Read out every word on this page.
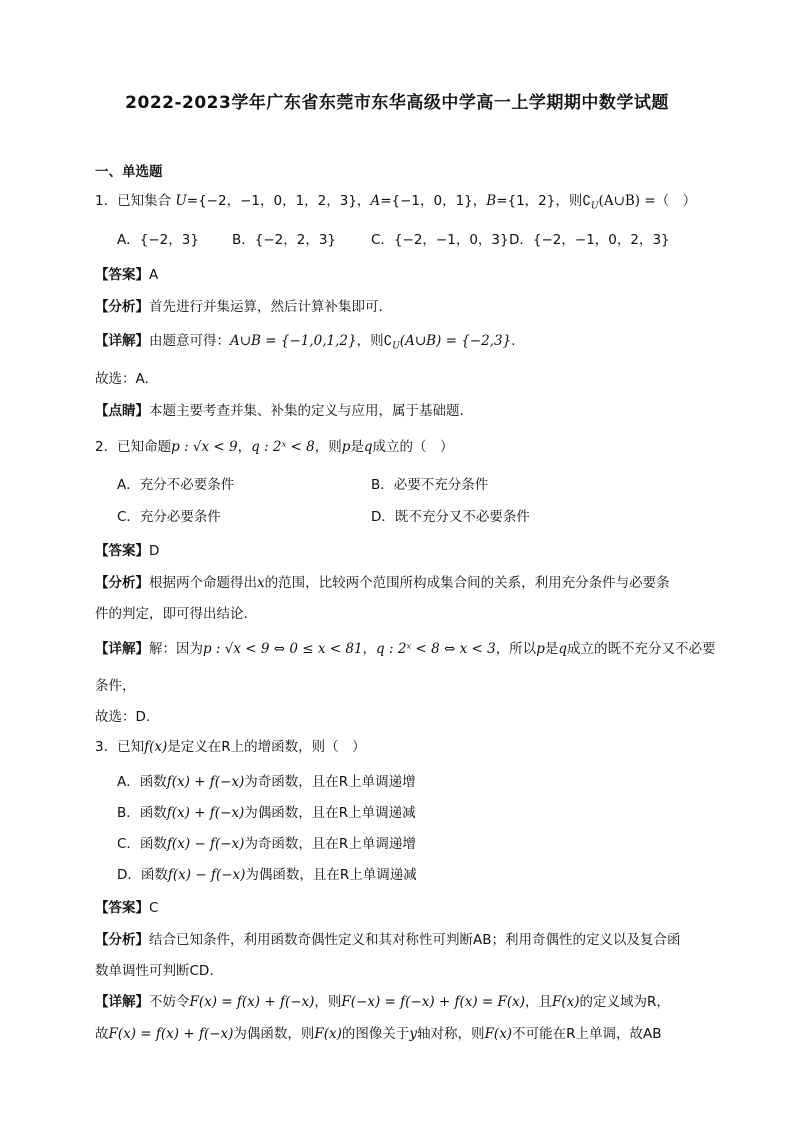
2022-2023学年广东省东莞市东华高级中学高一上学期期中数学试题
一、单选题
1．已知集合 U={−2，−1，0，1，2，3}，A={−1，0，1}，B={1，2}，则$∁_U(A\cup B)$ =（　）
A．{−2，3} B．{−2，2，3}	C．{−2，−1，0，3} D．{−2，−1，0，2，3}
【答案】A
【分析】首先进行并集运算，然后计算补集即可.
【详解】由题意可得：A∪B = {−1,0,1,2}，则$∁_U(A\cup B) = \{-2,3\}$.
故选：A.
【点睛】本题主要考查并集、补集的定义与应用，属于基础题.
2．已知命题p : √x < 9，q : 2ˣ < 8，则p是q成立的（　）
A．充分不必要条件	B．必要不充分条件
C．充分必要条件	D．既不充分又不必要条件
【答案】D
【分析】根据两个命题得出x的范围，比较两个范围所构成集合间的关系，利用充分条件与必要条
件的判定，即可得出结论.
【详解】解：因为p : √x < 9 ⇔ 0 ≤ x < 81，q : 2ˣ < 8 ⇔ x < 3，所以p是q成立的既不充分又不必要
条件，
故选：D.
3．已知f(x)是定义在R上的增函数，则（　）
A．函数f(x) + f(−x)为奇函数，且在R上单调递增
B．函数f(x) + f(−x)为偶函数，且在R上单调递减
C．函数f(x) − f(−x)为奇函数，且在R上单调递增
D．函数f(x) − f(−x)为偶函数，且在R上单调递减
【答案】C
【分析】结合已知条件，利用函数奇偶性定义和其对称性可判断AB；利用奇偶性的定义以及复合函
数单调性可判断CD.
【详解】不妨令F(x) = f(x) + f(−x)，则F(−x) = f(−x) + f(x) = F(x)，且F(x)的定义域为R，
故F(x) = f(x) + f(−x)为偶函数，则F(x)的图像关于y轴对称，则F(x)不可能在R上单调，故AB
